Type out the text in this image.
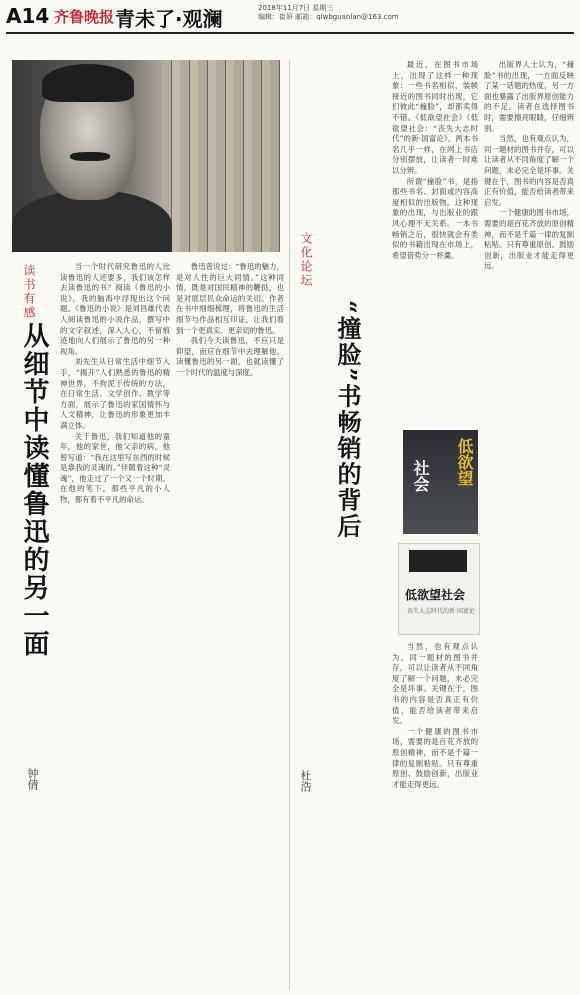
A14 齐鲁晚报 青未了·观澜	2018年11月7日 星期三
编辑：崔妍 邮箱：qlwbguanlan@163.com
读书有感
从细节中读懂鲁迅的另一面
钟倩

当一个时代研究鲁迅的人比读鲁迅的人还要多，我们该怎样去读鲁迅的书？阅读《鲁迅的小说》，我的脑海中浮现出这个问题。《鲁迅的小说》是刘昌雄代表人阅读鲁迅的小说作品，撰写中的文字叙述，深入人心，不留痕迹地向人们展示了鲁迅的另一种视角。

刘先生从日常生活中细节入手，“揭开”人们熟悉的鲁迅的精神世界，不拘泥于传统的方法，在日常生活、文学创作、教学等方面，展示了鲁迅的家国情怀与人文精神，让鲁迅的形象更加丰满立体。

关于鲁迅，我们知道他的童年，他的家世，他父亲的病，他曾写道：“我在这里写东西的时候是靠我的灵魂的。”伴随着这种“灵魂”，他走过了一个又一个时期。在他的笔下，那些平凡的小人物，都有着不平凡的命运。

鲁迅曾说过：“鲁迅的魅力，是对人性的巨大同情。”这种同情，既是对国民精神的鞭挞，也是对底层民众命运的关切。作者在书中细细梳理，将鲁迅的生活细节与作品相互印证，让我们看到一个更真实、更亲切的鲁迅。

我们今天读鲁迅，不应只是仰望，而应在细节中去理解他。读懂鲁迅的另一面，也就读懂了一个时代的温度与深度。

文化论坛
“撞脸”书畅销的背后
杜浩

最近，在图书市场上，出现了这样一种现象：一些书名相似、装帧接近的图书同时出现，它们彼此“撞脸”，却都卖得不错。《低欲望社会》《低欲望社会：“丧失大志时代”的新·国富论》，两本书名几乎一样，在网上书店分别摆放，让读者一时难以分辨。

所谓“撞脸”书，是指那些书名、封面或内容高度相似的出版物。这种现象的出现，与出版业的跟风心理不无关系。一本书畅销之后，很快就会有类似的书籍出现在市场上，希望借势分一杯羹。

出版界人士认为，“撞脸”书的出现，一方面反映了某一话题的热度，另一方面也暴露了出版界原创能力的不足。读者在选择图书时，需要擦亮眼睛，仔细辨别。

当然，也有观点认为，同一题材的图书并存，可以让读者从不同角度了解一个问题，未必完全是坏事。关键在于，图书的内容是否真正有价值，能否给读者带来启发。

一个健康的图书市场，需要的是百花齐放的原创精神，而不是千篇一律的复制粘贴。只有尊重原创、鼓励创新，出版业才能走得更远。

当然，也有观点认为，同一题材的图书并存，可以让读者从不同角度了解一个问题，未必完全是坏事。关键在于，图书的内容是否真正有价值，能否给读者带来启发。

一个健康的图书市场，需要的是百花齐放的原创精神，而不是千篇一律的复制粘贴。只有尊重原创、鼓励创新，出版业才能走得更远。

低欲望
社会
低欲望社会
丧失大志时代的新·国富论
